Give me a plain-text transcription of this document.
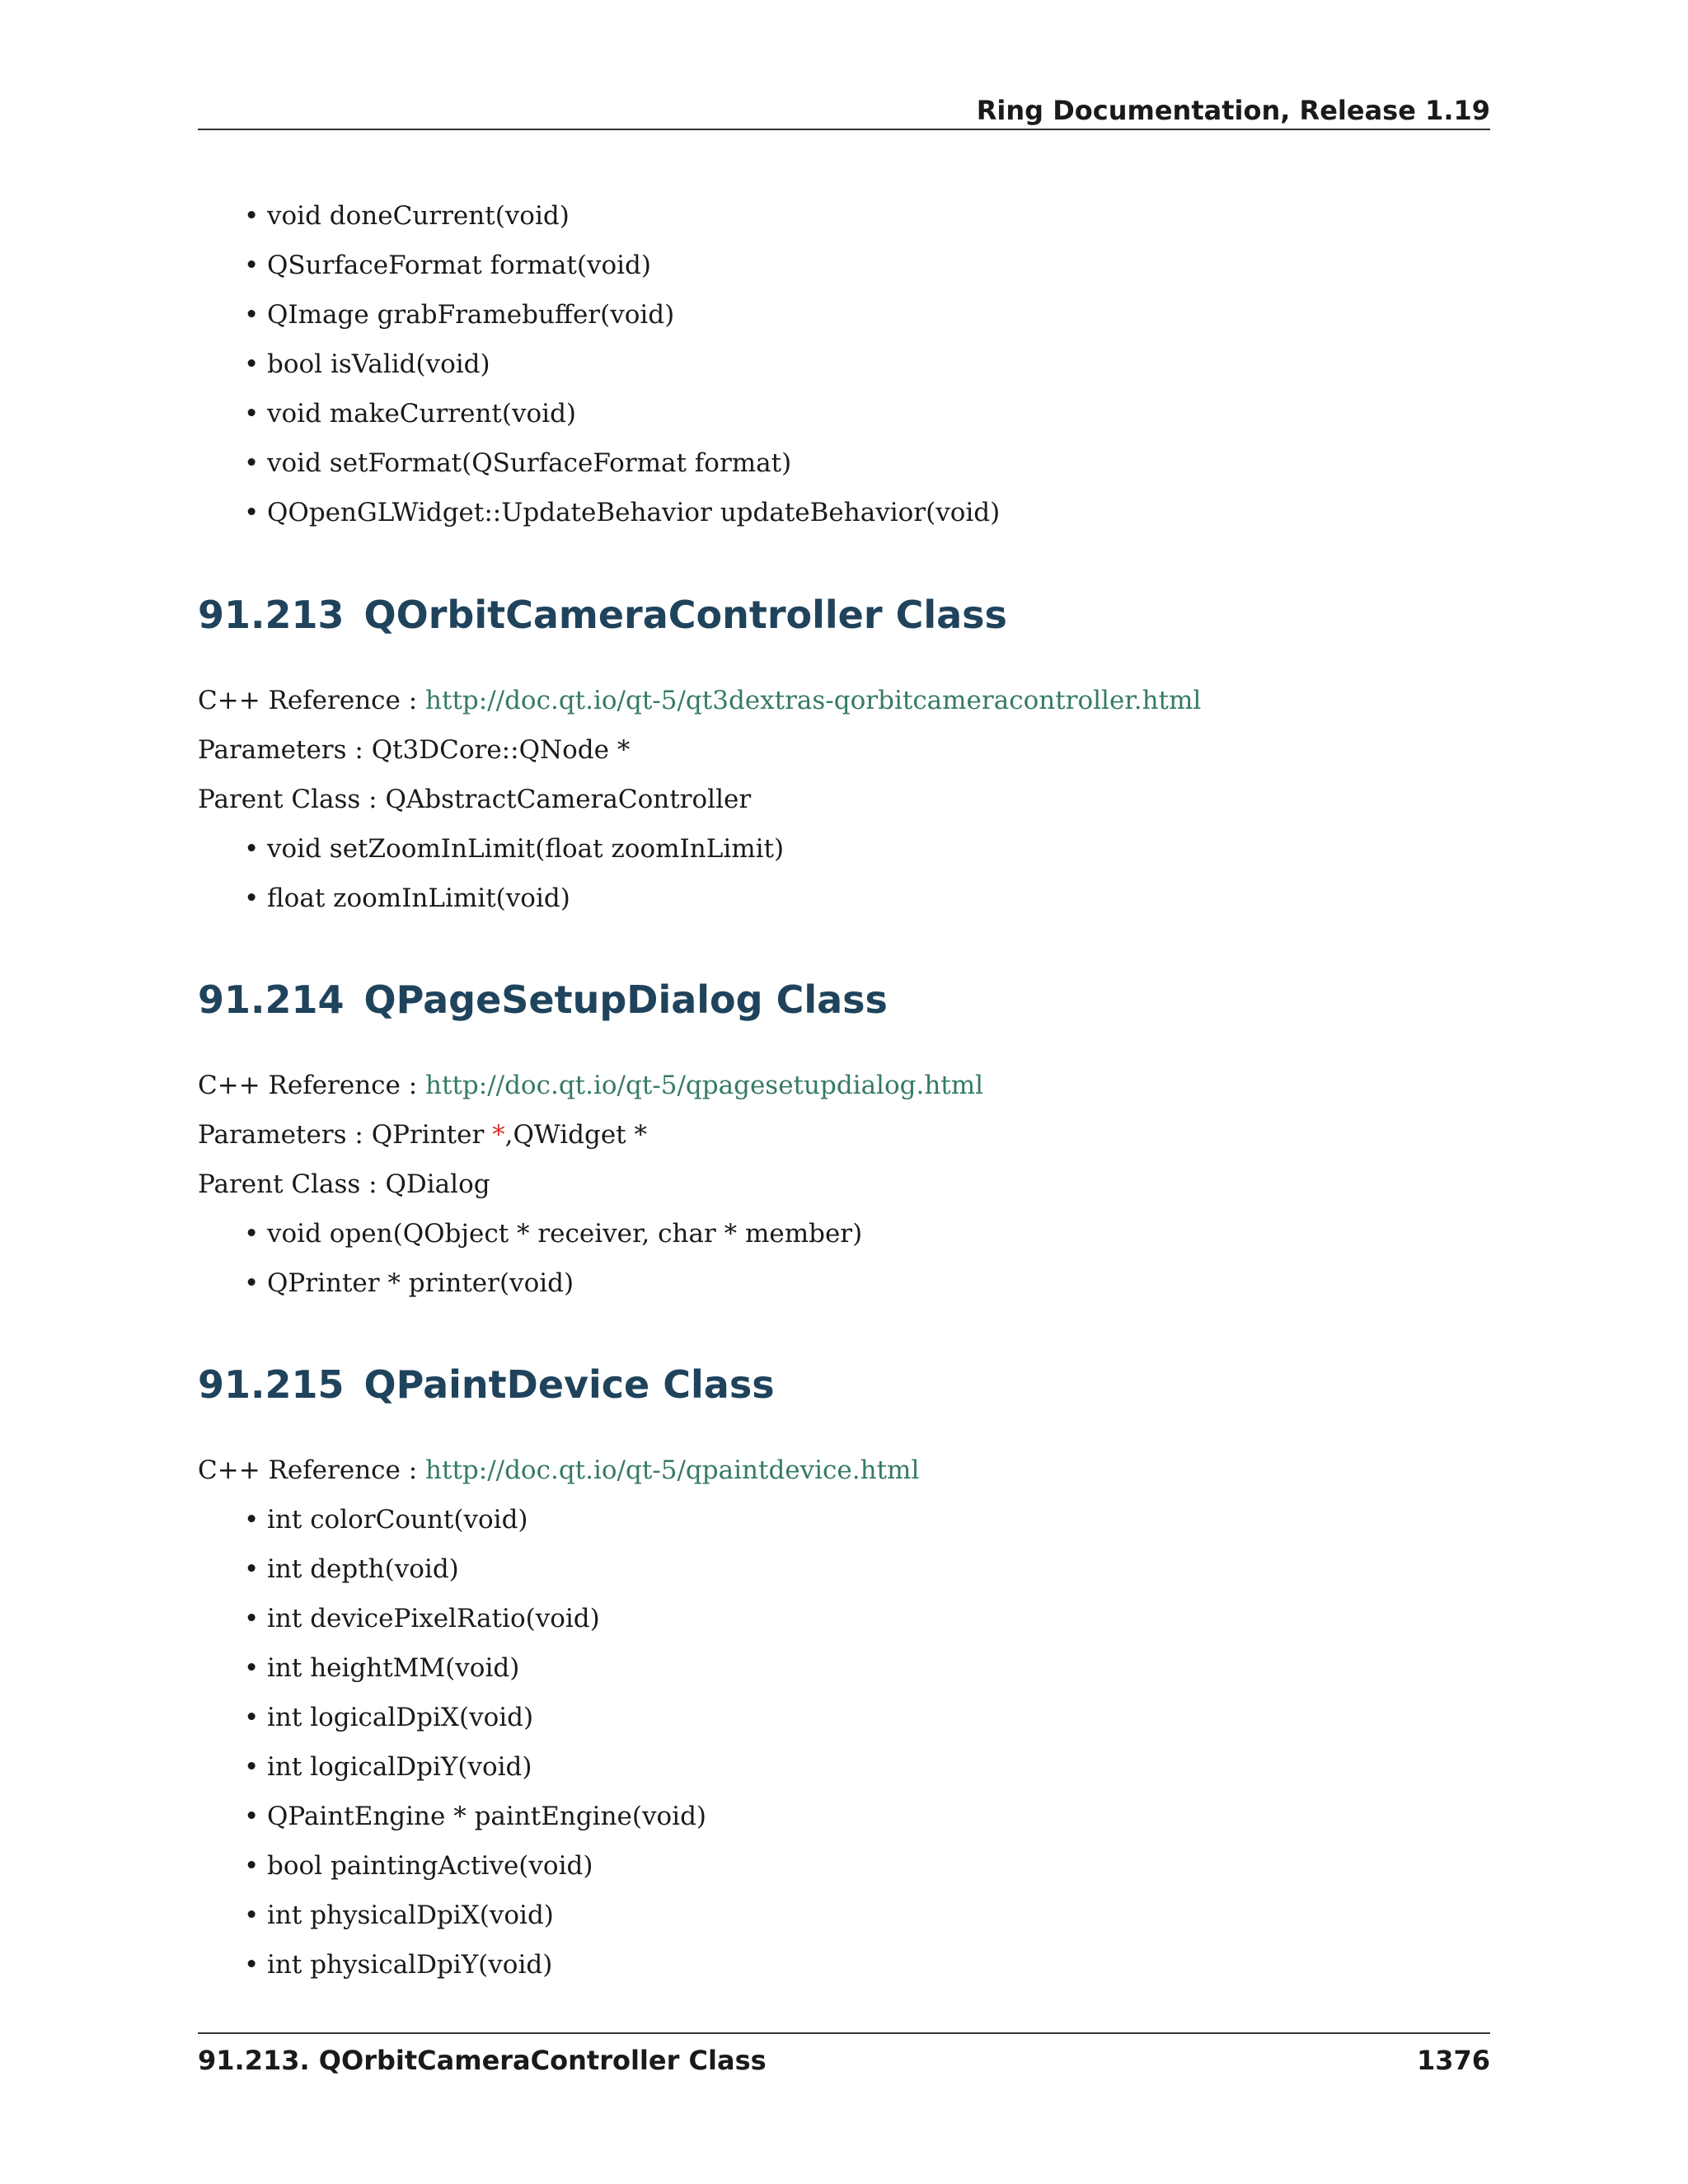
Ring Documentation, Release 1.19
• void doneCurrent(void)
• QSurfaceFormat format(void)
• QImage grabFramebuffer(void)
• bool isValid(void)
• void makeCurrent(void)
• void setFormat(QSurfaceFormat format)
• QOpenGLWidget::UpdateBehavior updateBehavior(void)
91.213 QOrbitCameraController Class
C++ Reference : http://doc.qt.io/qt-5/qt3dextras-qorbitcameracontroller.html
Parameters : Qt3DCore::QNode *
Parent Class : QAbstractCameraController
• void setZoomInLimit(float zoomInLimit)
• float zoomInLimit(void)
91.214 QPageSetupDialog Class
C++ Reference : http://doc.qt.io/qt-5/qpagesetupdialog.html
Parameters : QPrinter *,QWidget *
Parent Class : QDialog
• void open(QObject * receiver, char * member)
• QPrinter * printer(void)
91.215 QPaintDevice Class
C++ Reference : http://doc.qt.io/qt-5/qpaintdevice.html
• int colorCount(void)
• int depth(void)
• int devicePixelRatio(void)
• int heightMM(void)
• int logicalDpiX(void)
• int logicalDpiY(void)
• QPaintEngine * paintEngine(void)
• bool paintingActive(void)
• int physicalDpiX(void)
• int physicalDpiY(void)
91.213. QOrbitCameraController Class	1376
